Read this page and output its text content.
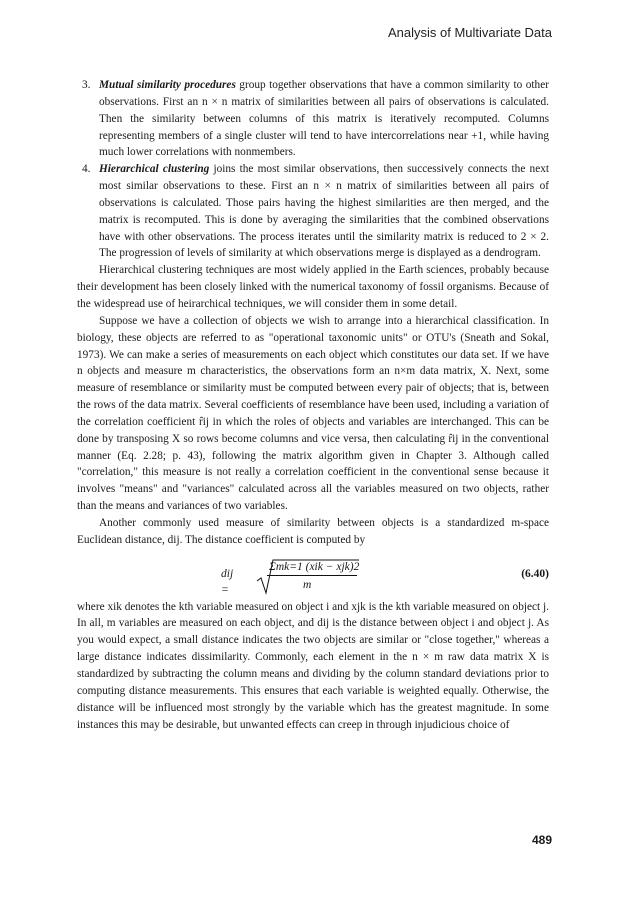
Analysis of Multivariate Data

3. Mutual similarity procedures group together observations that have a common similarity to other observations. First an n × n matrix of similarities between all pairs of observations is calculated. Then the similarity between columns of this matrix is iteratively recomputed. Columns representing members of a single cluster will tend to have intercorrelations near +1, while having much lower correlations with nonmembers.

4. Hierarchical clustering joins the most similar observations, then successively connects the next most similar observations to these. First an n × n matrix of similarities between all pairs of observations is calculated. Those pairs having the highest similarities are then merged, and the matrix is recomputed. This is done by averaging the similarities that the combined observations have with other observations. The process iterates until the similarity matrix is reduced to 2 × 2. The progression of levels of similarity at which observations merge is displayed as a dendrogram.

Hierarchical clustering techniques are most widely applied in the Earth sciences, probably because their development has been closely linked with the numerical taxonomy of fossil organisms. Because of the widespread use of heirarchical techniques, we will consider them in some detail.

Suppose we have a collection of objects we wish to arrange into a hierarchical classification. In biology, these objects are referred to as "operational taxonomic units" or OTU's (Sneath and Sokal, 1973). We can make a series of measurements on each object which constitutes our data set. If we have n objects and measure m characteristics, the observations form an n×m data matrix, X. Next, some measure of resemblance or similarity must be computed between every pair of objects; that is, between the rows of the data matrix. Several coefficients of resemblance have been used, including a variation of the correlation coefficient r̂ij in which the roles of objects and variables are interchanged. This can be done by transposing X so rows become columns and vice versa, then calculating r̂ij in the conventional manner (Eq. 2.28; p. 43), following the matrix algorithm given in Chapter 3. Although called "correlation," this measure is not really a correlation coefficient in the conventional sense because it involves "means" and "variances" calculated across all the variables measured on two objects, rather than the means and variances of two variables.

Another commonly used measure of similarity between objects is a standardized m-space Euclidean distance, dij. The distance coefficient is computed by

dij =
Σmk=1 (xik − xjk)2
m
(6.40)

where xik denotes the kth variable measured on object i and xjk is the kth variable measured on object j. In all, m variables are measured on each object, and dij is the distance between object i and object j. As you would expect, a small distance indicates the two objects are similar or "close together," whereas a large distance indicates dissimilarity. Commonly, each element in the n × m raw data matrix X is standardized by subtracting the column means and dividing by the column standard deviations prior to computing distance measurements. This ensures that each variable is weighted equally. Otherwise, the distance will be influenced most strongly by the variable which has the greatest magnitude. In some instances this may be desirable, but unwanted effects can creep in through injudicious choice of

489
